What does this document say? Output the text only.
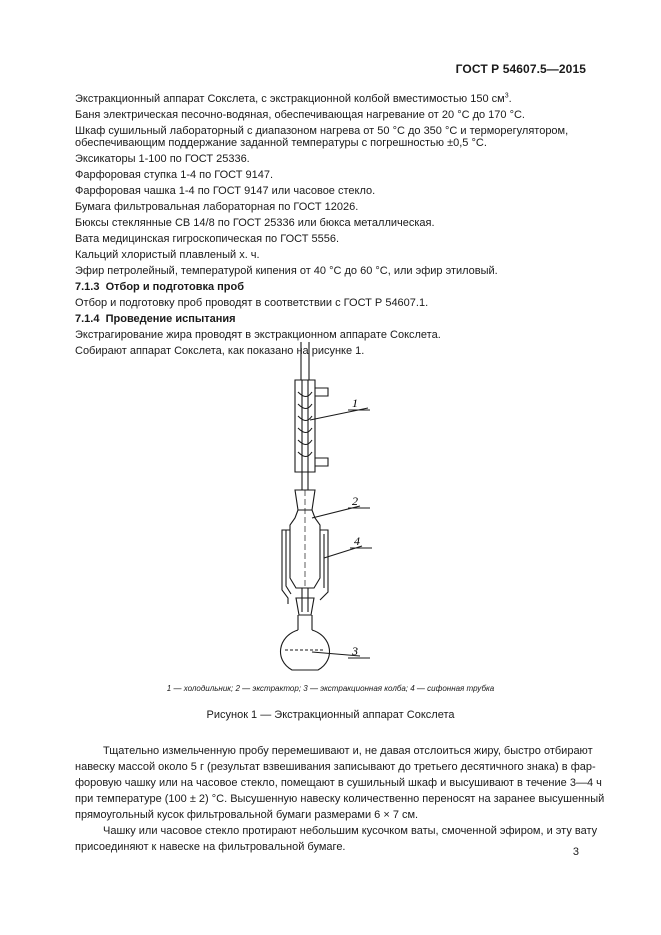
ГОСТ Р 54607.5—2015
Экстракционный аппарат Сокслета, с экстракционной колбой вместимостью 150 $см^3$.
Баня электрическая песочно-водяная, обеспечивающая нагревание от 20 °С до 170 °С.
Шкаф сушильный лабораторный с диапазоном нагрева от 50 °С до 350 °С и терморегулятором,
обеспечивающим поддержание заданной температуры с погрешностью ±0,5 °С.
Эксикаторы 1-100 по ГОСТ 25336.
Фарфоровая ступка 1-4 по ГОСТ 9147.
Фарфоровая чашка 1-4 по ГОСТ 9147 или часовое стекло.
Бумага фильтровальная лабораторная по ГОСТ 12026.
Бюксы стеклянные СВ 14/8 по ГОСТ 25336 или бюкса металлическая.
Вата медицинская гигроскопическая по ГОСТ 5556.
Кальций хлористый плавленый х. ч.
Эфир петролейный, температурой кипения от 40 °С до 60 °С, или эфир этиловый.
7.1.3 Отбор и подготовка проб
Отбор и подготовку проб проводят в соответствии с ГОСТ Р 54607.1.
7.1.4 Проведение испытания
Экстрагирование жира проводят в экстракционном аппарате Сокслета.
Собирают аппарат Сокслета, как показано на рисунке 1.
1
2
4
3
1 — холодильник; 2 — экстрактор; 3 — экстракционная колба; 4 — сифонная трубка
Рисунок 1 — Экстракционный аппарат Сокслета
Тщательно измельченную пробу перемешивают и, не давая отслоиться жиру, быстро отбирают
навеску массой около 5 г (результат взвешивания записывают до третьего десятичного знака) в фар-
форовую чашку или на часовое стекло, помещают в сушильный шкаф и высушивают в течение 3—4 ч
при температуре (100 ± 2) °С. Высушенную навеску количественно переносят на заранее высушенный
прямоугольный кусок фильтровальной бумаги размерами 6 × 7 см.
Чашку или часовое стекло протирают небольшим кусочком ваты, смоченной эфиром, и эту вату
присоединяют к навеске на фильтровальной бумаге.	3
